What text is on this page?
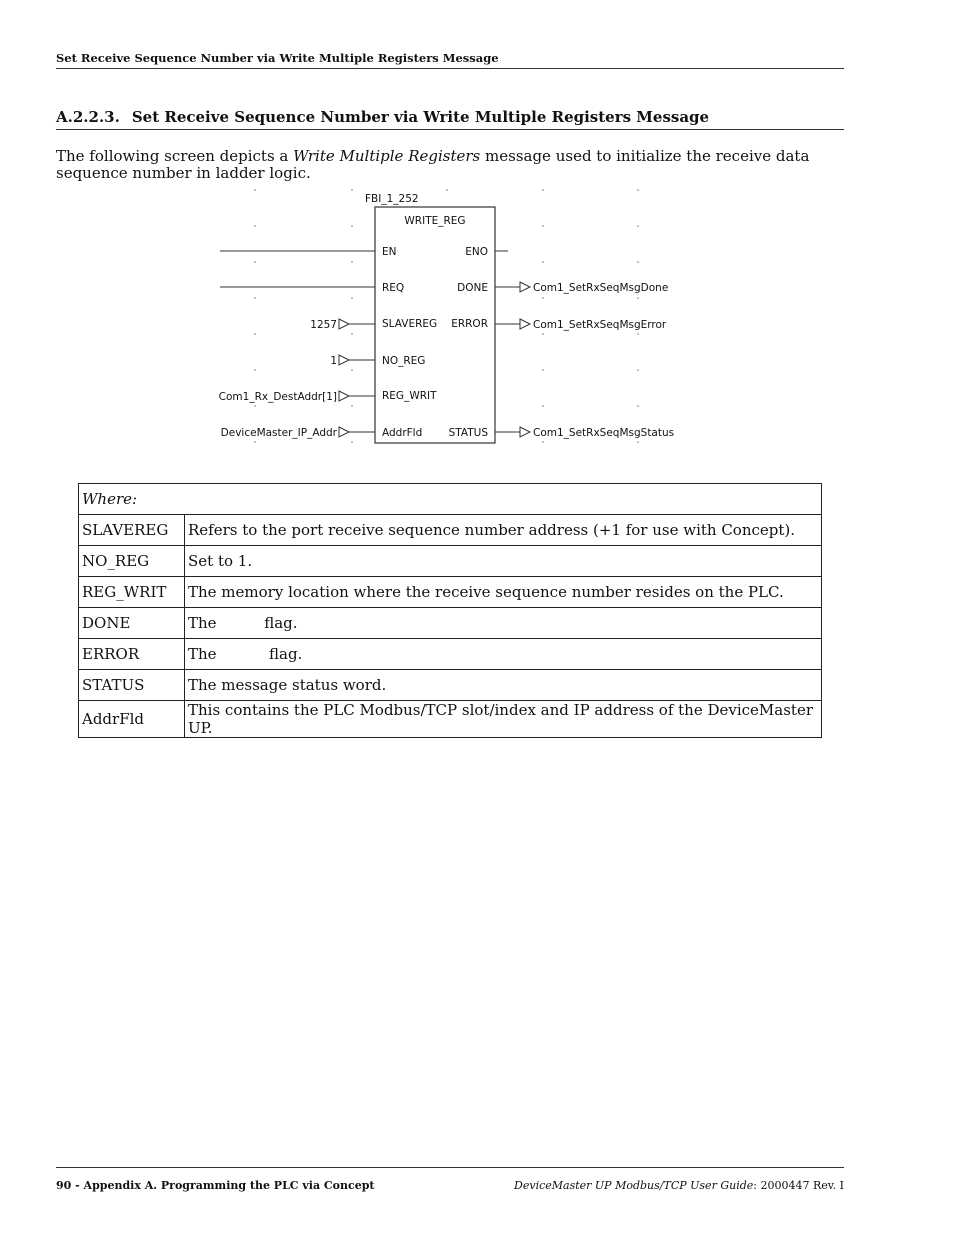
Set Receive Sequence Number via Write Multiple Registers Message
A.2.2.3. Set Receive Sequence Number via Write Multiple Registers Message
The following screen depicts a Write Multiple Registers message used to initialize the receive data sequence number in ladder logic.
FBI_1_252
WRITE_REG
EN
REQ
SLAVEREG
NO_REG
REG_WRIT
AddrFld
ENO
DONE
ERROR
STATUS
1257
1
Com1_Rx_DestAddr[1]
DeviceMaster_IP_Addr
Com1_SetRxSeqMsgDone
Com1_SetRxSeqMsgError
Com1_SetRxSeqMsgStatus
Where:	
SLAVEREG	Refers to the port receive sequence number address (+1 for use with Concept).
NO_REG	Set to 1.
REG_WRIT	The memory location where the receive sequence number resides on the PLC.
DONE	The          flag.
ERROR	The           flag.
STATUS	The message status word.
AddrFld	This contains the PLC Modbus/TCP slot/index and IP address of the DeviceMaster UP.
90 - Appendix A. Programming the PLC via Concept	DeviceMaster UP Modbus/TCP User Guide: 2000447 Rev. I
